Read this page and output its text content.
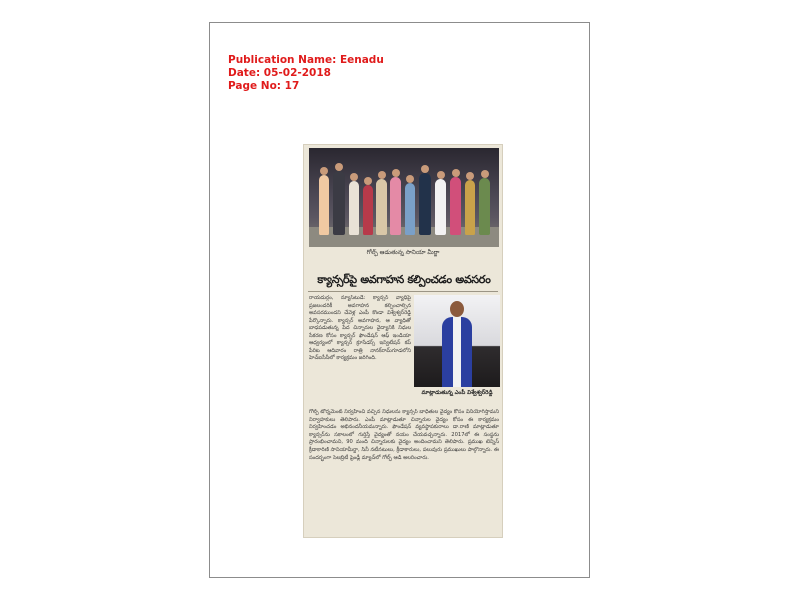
Publication Name: Eenadu
Date: 05-02-2018
Page No: 17
గోల్ఫ్ ఆడుతున్న సానియా మీర్జా
క్యాన్సర్‌పై అవగాహన కల్పించడం అవసరం
రాయదుర్గం, న్యూస్‌టుడే: క్యాన్సర్ వ్యాధిపై ప్రజలందరికీ అవగాహన కల్పించాల్సిన అవసరముందని చేవెళ్ల ఎంపీ కొండా విశ్వేశ్వర్‌రెడ్డి పేర్కొన్నారు. క్యాన్సర్ అవగాహన, ఆ వ్యాధితో బాధపడుతున్న పేద చిన్నారుల వైద్యానికి నిధుల సేకరణ కోసం క్యాన్సర్ ఫౌండేషన్ ఆఫ్ ఇండియా ఆధ్వర్యంలో క్యాన్సర్ క్రూసేడర్స్ ఇన్విటేషన్ కప్ పేరిట ఆదివారం రాత్రి నానక్‌రామ్‌గూడలోని హెచ్‌ఐసీసీలో కార్యక్రమం జరిగింది.
మాట్లాడుతున్న ఎంపీ విశ్వేశ్వర్‌రెడ్డి
గోల్ఫ్ టోర్నమెంట్ నిర్వహించి వచ్చిన నిధులను క్యాన్సర్ బాధితుల వైద్యం కోసం వినియోగిస్తామని నిర్వాహకులు తెలిపారు. ఎంపీ మాట్లాడుతూ చిన్నారుల వైద్యం కోసం ఈ కార్యక్రమం నిర్వహించడం అభినందనీయమన్నారు. ఫౌండేషన్ వ్యవస్థాపకురాలు డా.రాణి మాట్లాడుతూ క్యాన్సర్‌ను సకాలంలో గుర్తిస్తే వైద్యంతో నయం చేయవచ్చన్నారు. 2017లో ఈ సంస్థను ప్రారంభించామని, 90 మంది చిన్నారులకు వైద్యం అందించామని తెలిపారు. ప్రముఖ టెన్నిస్ క్రీడాకారిణి సానియామీర్జా, సినీ నటీనటులు, క్రీడాకారులు, పలువురు ప్రముఖులు పాల్గొన్నారు. ఈ సందర్భంగా సెలబ్రిటీ ఫ్రెండ్లీ మ్యాచ్‌లో గోల్ఫ్ ఆడి అలరించారు.
